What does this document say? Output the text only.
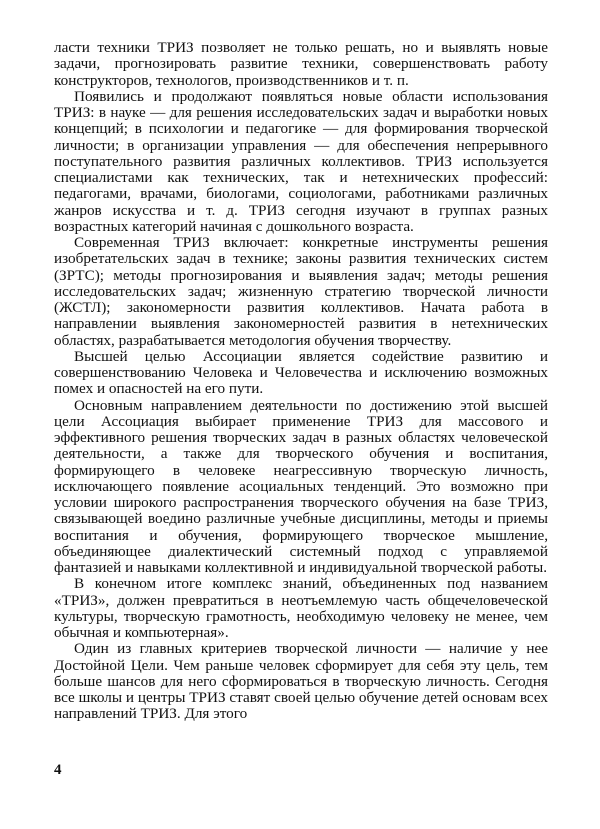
ласти техники ТРИЗ позволяет не только решать, но и выявлять новые задачи, прогнозировать развитие техники, совершенствовать работу конструкторов, технологов, производственников и т. п.

Появились и продолжают появляться новые области использования ТРИЗ: в науке — для решения исследовательских задач и выработки новых концепций; в психологии и педагогике — для формирования творческой личности; в организации управления — для обеспечения непрерывного поступательного развития различных коллективов. ТРИЗ используется специалистами как технических, так и нетехнических профессий: педагогами, врачами, биологами, социологами, работниками различных жанров искусства и т. д. ТРИЗ сегодня изучают в группах разных возрастных категорий начиная с дошкольного возраста.

Современная ТРИЗ включает: конкретные инструменты решения изобретательских задач в технике; законы развития технических систем (ЗРТС); методы прогнозирования и выявления задач; методы решения исследовательских задач; жизненную стратегию творческой личности (ЖСТЛ); закономерности развития коллективов. Начата работа в направлении выявления закономерностей развития в нетехнических областях, разрабатывается методология обучения творчеству.

Высшей целью Ассоциации является содействие развитию и совершенствованию Человека и Человечества и исключению возможных помех и опасностей на его пути.

Основным направлением деятельности по достижению этой высшей цели Ассоциация выбирает применение ТРИЗ для массового и эффективного решения творческих задач в разных областях человеческой деятельности, а также для творческого обучения и воспитания, формирующего в человеке неагрессивную творческую личность, исключающего появление асоциальных тенденций. Это возможно при условии широкого распространения творческого обучения на базе ТРИЗ, связывающей воедино различные учебные дисциплины, методы и приемы воспитания и обучения, формирующего творческое мышление, объединяющее диалектический системный подход с управляемой фантазией и навыками коллективной и индивидуальной творческой работы.

В конечном итоге комплекс знаний, объединенных под названием «ТРИЗ», должен превратиться в неотъемлемую часть общечеловеческой культуры, творческую грамотность, необходимую человеку не менее, чем обычная и компьютерная».

Один из главных критериев творческой личности — наличие у нее Достойной Цели. Чем раньше человек сформирует для себя эту цель, тем больше шансов для него сформироваться в творческую личность. Сегодня все школы и центры ТРИЗ ставят своей целью обучение детей основам всех направлений ТРИЗ. Для этого

4
